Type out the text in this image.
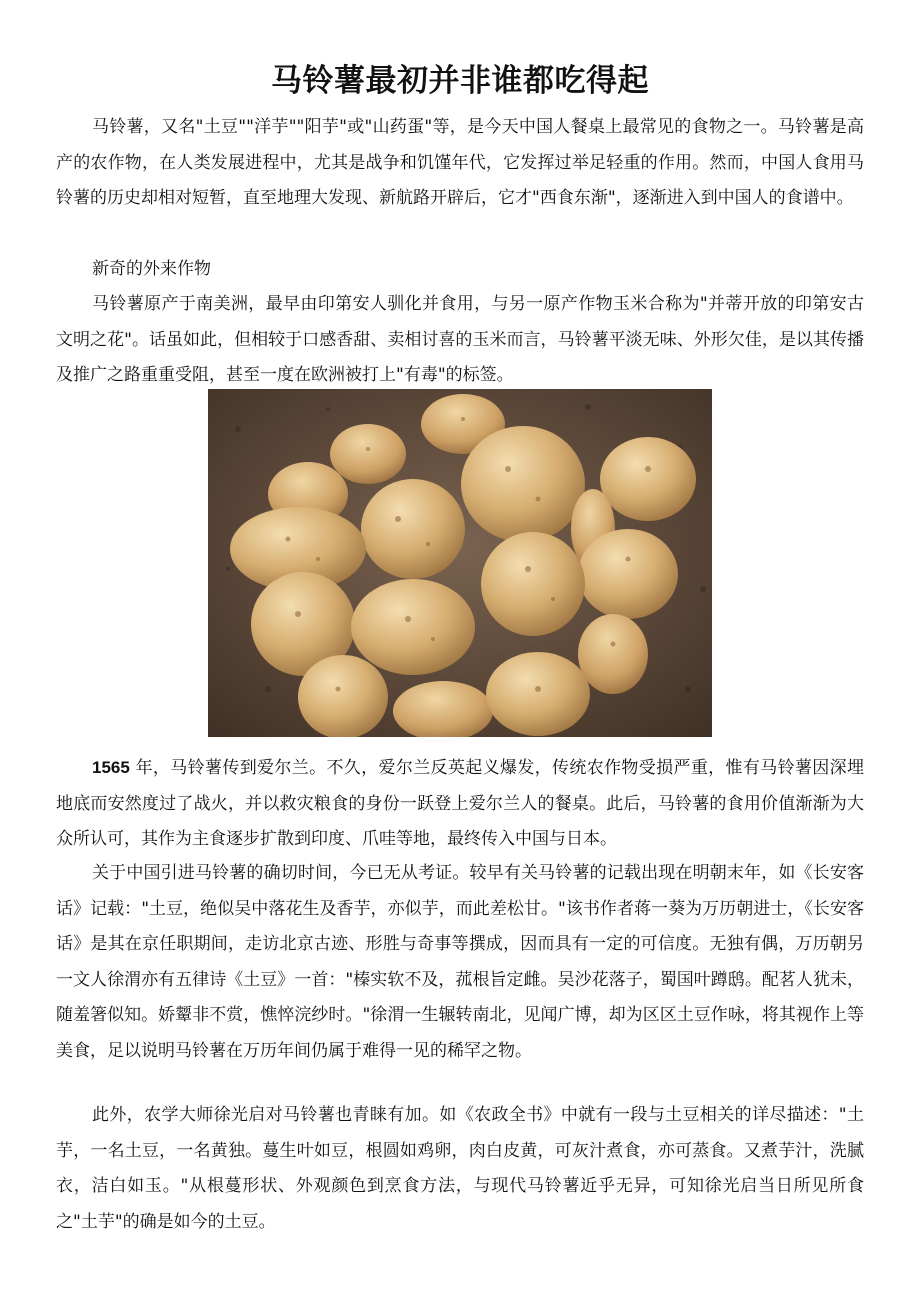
马铃薯最初并非谁都吃得起

马铃薯，又名"土豆""洋芋""阳芋"或"山药蛋"等，是今天中国人餐桌上最常见的食物之一。马铃薯是高产的农作物，在人类发展进程中，尤其是战争和饥馑年代，它发挥过举足轻重的作用。然而，中国人食用马铃薯的历史却相对短暂，直至地理大发现、新航路开辟后，它才"西食东渐"，逐渐进入到中国人的食谱中。

新奇的外来作物

马铃薯原产于南美洲，最早由印第安人驯化并食用，与另一原产作物玉米合称为"并蒂开放的印第安古文明之花"。话虽如此，但相较于口感香甜、卖相讨喜的玉米而言，马铃薯平淡无味、外形欠佳，是以其传播及推广之路重重受阻，甚至一度在欧洲被打上"有毒"的标签。

1565 年，马铃薯传到爱尔兰。不久，爱尔兰反英起义爆发，传统农作物受损严重，惟有马铃薯因深埋地底而安然度过了战火，并以救灾粮食的身份一跃登上爱尔兰人的餐桌。此后，马铃薯的食用价值渐渐为大众所认可，其作为主食逐步扩散到印度、爪哇等地，最终传入中国与日本。

关于中国引进马铃薯的确切时间，今已无从考证。较早有关马铃薯的记载出现在明朝末年，如《长安客话》记载："土豆，绝似吴中落花生及香芋，亦似芋，而此差松甘。"该书作者蒋一葵为万历朝进士，《长安客话》是其在京任职期间，走访北京古迹、形胜与奇事等撰成，因而具有一定的可信度。无独有偶，万历朝另一文人徐渭亦有五律诗《土豆》一首："榛实软不及，菰根旨定雌。吴沙花落子，蜀国叶蹲鸱。配茗人犹未，随羞箸似知。娇颦非不赏，憔悴浣纱时。"徐渭一生辗转南北，见闻广博，却为区区土豆作咏，将其视作上等美食，足以说明马铃薯在万历年间仍属于难得一见的稀罕之物。

此外，农学大师徐光启对马铃薯也青睐有加。如《农政全书》中就有一段与土豆相关的详尽描述："土芋，一名土豆，一名黄独。蔓生叶如豆，根圆如鸡卵，肉白皮黄，可灰汁煮食，亦可蒸食。又煮芋汁，洗腻衣，洁白如玉。"从根蔓形状、外观颜色到烹食方法，与现代马铃薯近乎无异，可知徐光启当日所见所食之"土芋"的确是如今的土豆。
